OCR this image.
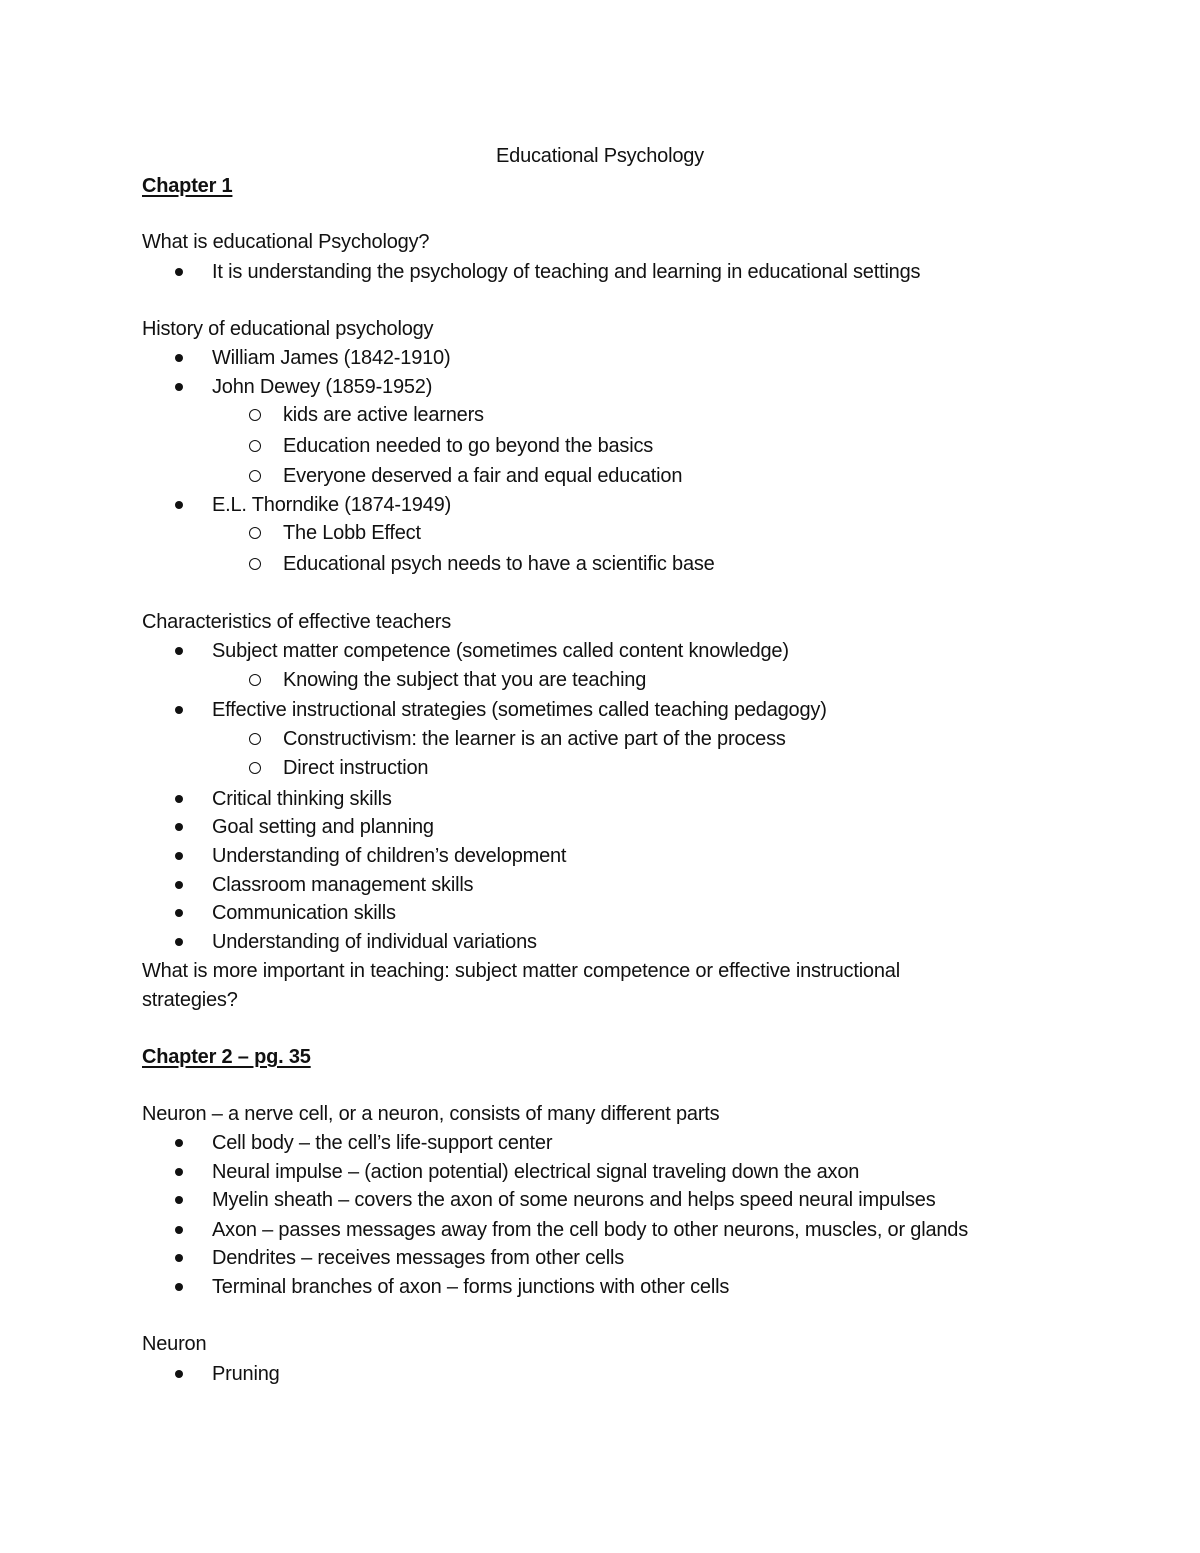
Educational Psychology
Chapter 1
What is educational Psychology?
It is understanding the psychology of teaching and learning in educational settings
History of educational psychology
William James (1842-1910)
John Dewey (1859-1952)
kids are active learners
Education needed to go beyond the basics
Everyone deserved a fair and equal education
E.L. Thorndike (1874-1949)
The Lobb Effect
Educational psych needs to have a scientific base
Characteristics of effective teachers
Subject matter competence (sometimes called content knowledge)
Knowing the subject that you are teaching
Effective instructional strategies (sometimes called teaching pedagogy)
Constructivism: the learner is an active part of the process
Direct instruction
Critical thinking skills
Goal setting and planning
Understanding of children’s development
Classroom management skills
Communication skills
Understanding of individual variations
What is more important in teaching: subject matter competence or effective instructional
strategies?
Chapter 2 – pg. 35
Neuron – a nerve cell, or a neuron, consists of many different parts
Cell body – the cell’s life-support center
Neural impulse – (action potential) electrical signal traveling down the axon
Myelin sheath – covers the axon of some neurons and helps speed neural impulses
Axon – passes messages away from the cell body to other neurons, muscles, or glands
Dendrites – receives messages from other cells
Terminal branches of axon – forms junctions with other cells
Neuron
Pruning
